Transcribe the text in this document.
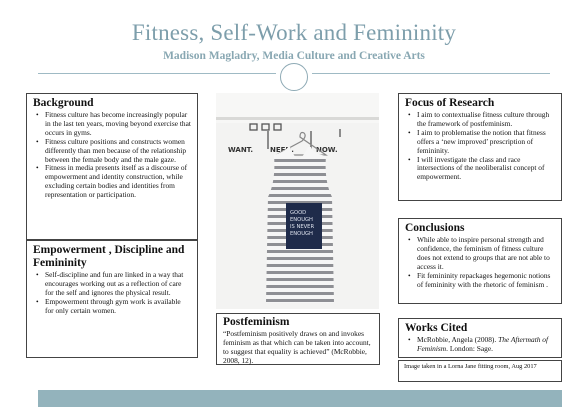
Fitness, Self-Work and Femininity
Madison Magladry, Media Culture and Creative Arts
Background
• Fitness culture has become increasingly popular in the last ten years, moving beyond exercise that occurs in gyms.
• Fitness culture positions and constructs women differently than men because of the relationship between the female body and the male gaze.
• Fitness in media presents itself as a discourse of empowerment and identity construction, while excluding certain bodies and identities from representation or participation.
Empowerment , Discipline and Femininity
• Self-discipline and fun are linked in a way that encourages working out as a reflection of care for the self and ignores the physical result.
• Empowerment through gym work is available for only certain women.
WANT. NEED.	NOW.
GOOD
ENOUGH
IS NEVER
ENOUGH
Postfeminism

“Postfeminism positively draws on and invokes feminism as that which can be taken into account, to suggest that equality is achieved” (McRobbie, 2008, 12).

Focus of Research
• I aim to contextualise fitness culture through the framework of postfeminism.
• I aim to problematise the notion that fitness offers a ‘new improved’ prescription of femininity.
• I will investigate the class and race intersections of the neoliberalist concept of empowerment.
Conclusions
• While able to inspire personal strength and confidence, the feminism of fitness culture does not extend to groups that are not able to access it.
• Fit femininity repackages hegemonic notions of femininity with the rhetoric of feminism .
Works Cited
• McRobbie, Angela (2008). The Aftermath of Feminism. London: Sage.

Image taken in a Lorna Jane fitting room, Aug 2017
